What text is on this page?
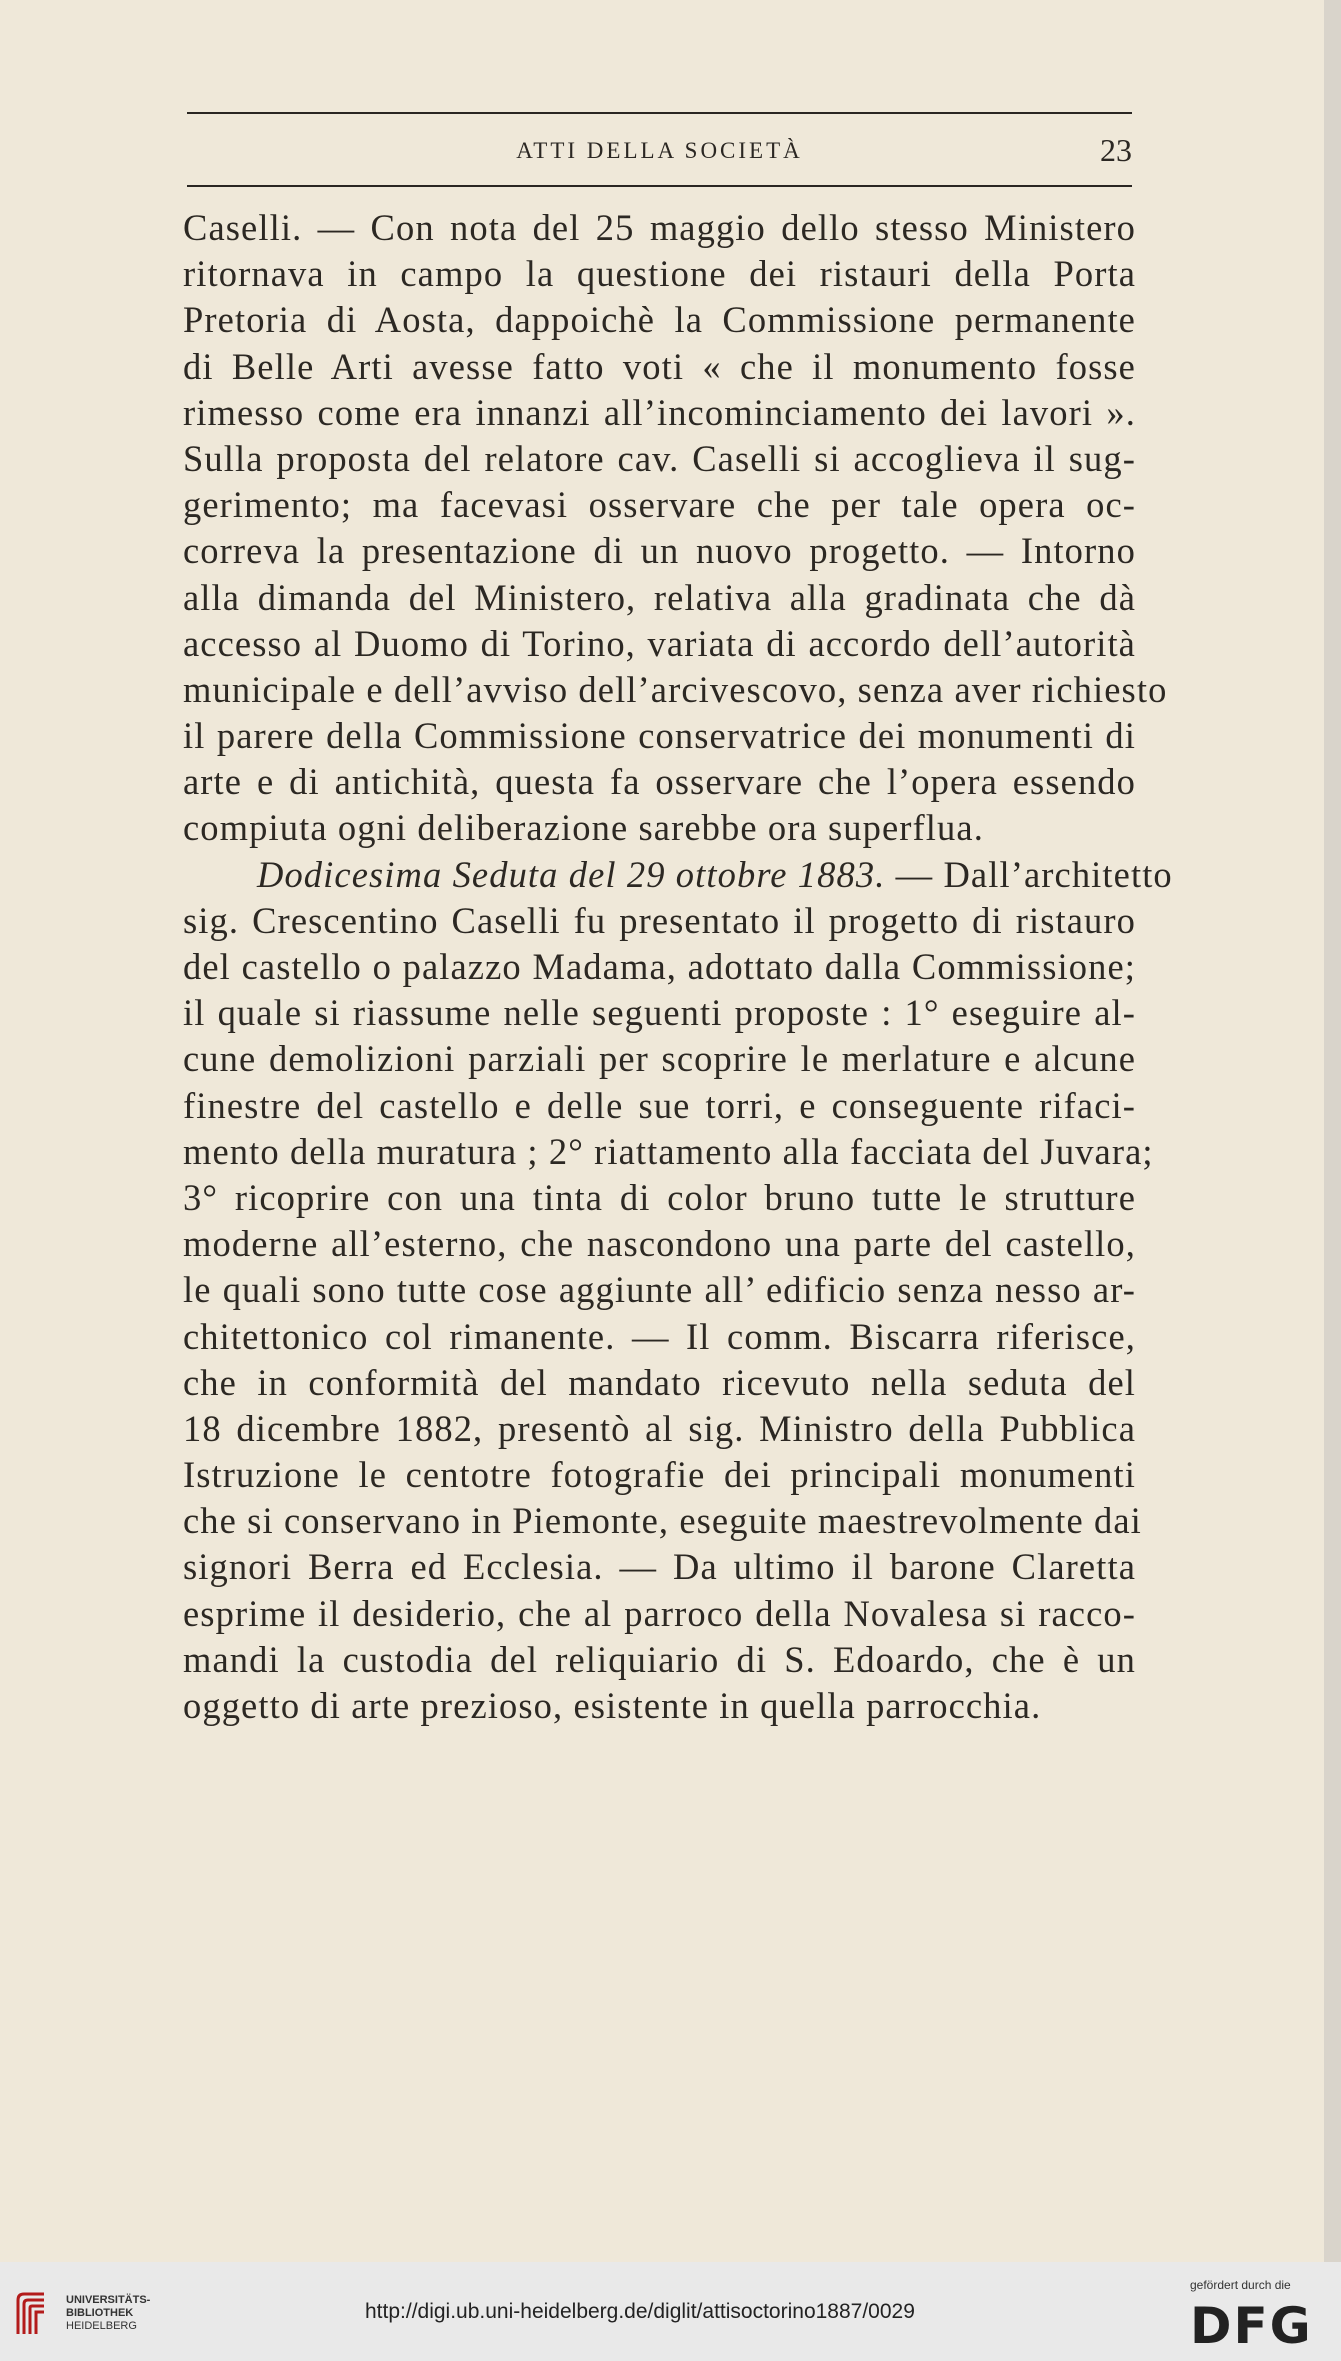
ATTI DELLA SOCIETÀ	23
Caselli. — Con nota del 25 maggio dello stesso Ministero
ritornava in campo la questione dei ristauri della Porta
Pretoria di Aosta, dappoichè la Commissione permanente
di Belle Arti avesse fatto voti « che il monumento fosse
rimesso come era innanzi all’incominciamento dei lavori ».
Sulla proposta del relatore cav. Caselli si accoglieva il sug-
gerimento; ma facevasi osservare che per tale opera oc-
correva la presentazione di un nuovo progetto. — Intorno
alla dimanda del Ministero, relativa alla gradinata che dà
accesso al Duomo di Torino, variata di accordo dell’autorità
municipale e dell’avviso dell’arcivescovo, senza aver richiesto
il parere della Commissione conservatrice dei monumenti di
arte e di antichità, questa fa osservare che l’opera essendo
compiuta ogni deliberazione sarebbe ora superflua.
Dodicesima Seduta del 29 ottobre 1883. — Dall’architetto
sig. Crescentino Caselli fu presentato il progetto di ristauro
del castello o palazzo Madama, adottato dalla Commissione;
il quale si riassume nelle seguenti proposte : 1° eseguire al-
cune demolizioni parziali per scoprire le merlature e alcune
finestre del castello e delle sue torri, e conseguente rifaci-
mento della muratura ; 2° riattamento alla facciata del Juvara;
3° ricoprire con una tinta di color bruno tutte le strutture
moderne all’esterno, che nascondono una parte del castello,
le quali sono tutte cose aggiunte all’ edificio senza nesso ar-
chitettonico col rimanente. — Il comm. Biscarra riferisce,
che in conformità del mandato ricevuto nella seduta del
18 dicembre 1882, presentò al sig. Ministro della Pubblica
Istruzione le centotre fotografie dei principali monumenti
che si conservano in Piemonte, eseguite maestrevolmente dai
signori Berra ed Ecclesia. — Da ultimo il barone Claretta
esprime il desiderio, che al parroco della Novalesa si racco-
mandi la custodia del reliquiario di S. Edoardo, che è un
oggetto di arte prezioso, esistente in quella parrocchia.
UNIVERSITÄTS-
BIBLIOTHEK
HEIDELBERG
http://digi.ub.uni-heidelberg.de/diglit/attisoctorino1887/0029
gefördert durch die
DFG
